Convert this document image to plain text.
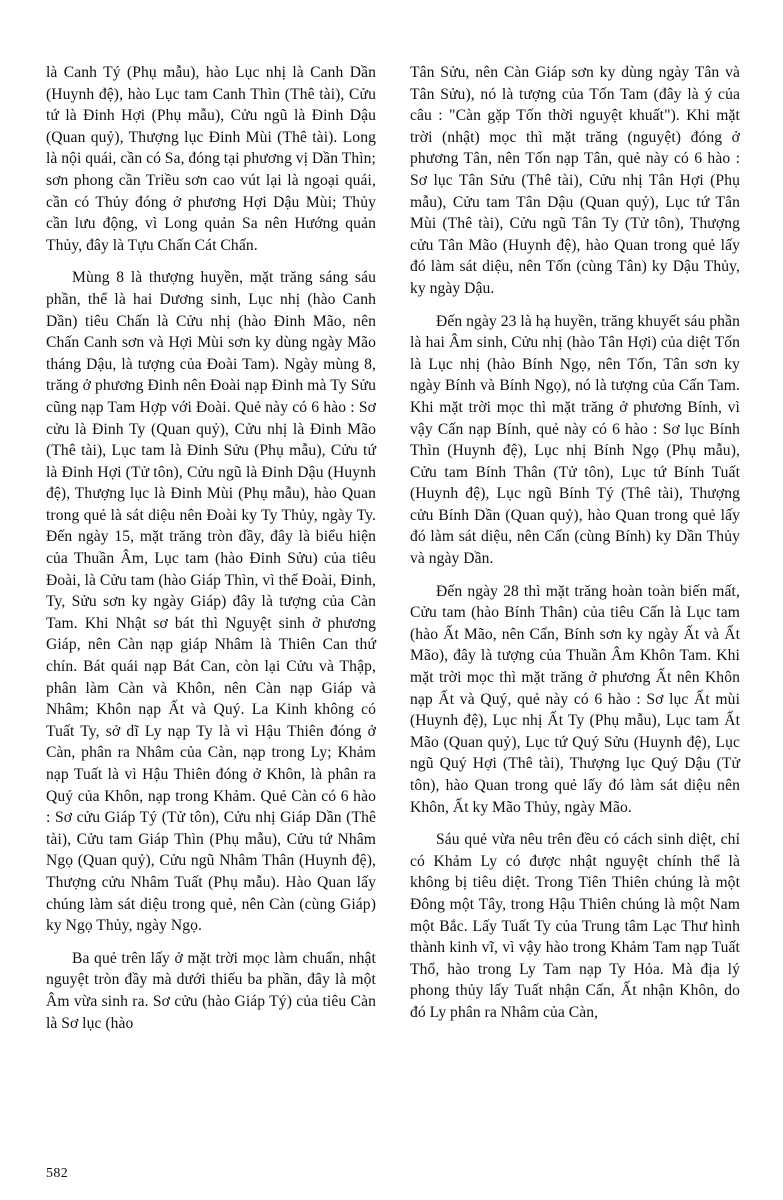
là Canh Tý (Phụ mẫu), hào Lục nhị là Canh Dần (Huynh đệ), hào Lục tam Canh Thìn (Thê tài), Cửu tứ là Đinh Hợi (Phụ mẫu), Cửu ngũ là Đinh Dậu (Quan quỷ), Thượng lục Đinh Mùi (Thê tài). Long là nội quái, cần có Sa, đóng tại phương vị Dần Thìn; sơn phong cần Triều sơn cao vút lại là ngoại quái, cần có Thủy đóng ở phương Hợi Dậu Mùi; Thủy cần lưu động, vì Long quản Sa nên Hướng quản Thủy, đây là Tựu Chấn Cát Chấn.

Mùng 8 là thượng huyền, mặt trăng sáng sáu phần, thể là hai Dương sinh, Lục nhị (hào Canh Dần) tiêu Chấn là Cửu nhị (hào Đinh Mão, nên Chấn Canh sơn và Hợi Mùi sơn ky dùng ngày Mão tháng Dậu, là tượng của Đoài Tam). Ngày mùng 8, trăng ở phương Đinh nên Đoài nạp Đinh mà Ty Sửu cũng nạp Tam Hợp với Đoài. Quẻ này có 6 hào : Sơ cửu là Đinh Ty (Quan quỷ), Cửu nhị là Đinh Mão (Thê tài), Lục tam là Đinh Sửu (Phụ mẫu), Cửu tứ là Đinh Hợi (Tử tôn), Cửu ngũ là Đinh Dậu (Huynh đệ), Thượng lục là Đinh Mùi (Phụ mẫu), hào Quan trong quẻ là sát diệu nên Đoài ky Ty Thủy, ngày Ty. Đến ngày 15, mặt trăng tròn đầy, đây là biểu hiện của Thuần Âm, Lục tam (hào Đinh Sửu) của tiêu Đoài, là Cửu tam (hào Giáp Thìn, vì thế Đoài, Đinh, Ty, Sửu sơn ky ngày Giáp) đây là tượng của Càn Tam. Khi Nhật sơ bát thì Nguyệt sinh ở phương Giáp, nên Càn nạp giáp Nhâm là Thiên Can thứ chín. Bát quái nạp Bát Can, còn lại Cửu và Thập, phân làm Càn và Khôn, nên Càn nạp Giáp và Nhâm; Khôn nạp Ất và Quý. La Kinh không có Tuất Ty, sở dĩ Ly nạp Ty là vì Hậu Thiên đóng ở Càn, phân ra Nhâm của Càn, nạp trong Ly; Khảm nạp Tuất là vì Hậu Thiên đóng ở Khôn, là phân ra Quý của Khôn, nạp trong Khảm. Quẻ Càn có 6 hào : Sơ cửu Giáp Tý (Tử tôn), Cửu nhị Giáp Dần (Thê tài), Cửu tam Giáp Thìn (Phụ mẫu), Cửu tứ Nhâm Ngọ (Quan quỷ), Cửu ngũ Nhâm Thân (Huynh đệ), Thượng cửu Nhâm Tuất (Phụ mẫu). Hào Quan lấy chúng làm sát diệu trong quẻ, nên Càn (cùng Giáp) ky Ngọ Thủy, ngày Ngọ.

Ba quẻ trên lấy ở mặt trời mọc làm chuẩn, nhật nguyệt tròn đầy mà dưới thiếu ba phần, đây là một Âm vừa sinh ra. Sơ cửu (hào Giáp Tý) của tiêu Càn là Sơ lục (hào

Tân Sửu, nên Càn Giáp sơn ky dùng ngày Tân và Tân Sửu), nó là tượng của Tốn Tam (đây là ý của câu : "Càn gặp Tốn thời nguyệt khuất"). Khi mặt trời (nhật) mọc thì mặt trăng (nguyệt) đóng ở phương Tân, nên Tốn nạp Tân, quẻ này có 6 hào : Sơ lục Tân Sửu (Thê tài), Cửu nhị Tân Hợi (Phụ mẫu), Cửu tam Tân Dậu (Quan quỷ), Lục tứ Tân Mùi (Thê tài), Cửu ngũ Tân Ty (Tử tôn), Thượng cửu Tân Mão (Huynh đệ), hào Quan trong quẻ lấy đó làm sát diệu, nên Tốn (cùng Tân) ky Dậu Thủy, ky ngày Dậu.

Đến ngày 23 là hạ huyền, trăng khuyết sáu phần là hai Âm sinh, Cửu nhị (hào Tân Hợi) của diệt Tốn là Lục nhị (hào Bính Ngọ, nên Tốn, Tân sơn ky ngày Bính và Bính Ngọ), nó là tượng của Cấn Tam. Khi mặt trời mọc thì mặt trăng ở phương Bính, vì vậy Cấn nạp Bính, quẻ này có 6 hào : Sơ lục Bính Thìn (Huynh đệ), Lục nhị Bính Ngọ (Phụ mẫu), Cửu tam Bính Thân (Tử tôn), Lục tứ Bính Tuất (Huynh đệ), Lục ngũ Bính Tý (Thê tài), Thượng cửu Bính Dần (Quan quỷ), hào Quan trong quẻ lấy đó làm sát diệu, nên Cấn (cùng Bính) ky Dần Thủy và ngày Dần.

Đến ngày 28 thì mặt trăng hoàn toàn biến mất, Cửu tam (hào Bính Thân) của tiêu Cấn là Lục tam (hào Ất Mão, nên Cấn, Bính sơn ky ngày Ất và Ất Mão), đây là tượng của Thuần Âm Khôn Tam. Khi mặt trời mọc thì mặt trăng ở phương Ất nên Khôn nạp Ất và Quý, quẻ này có 6 hào : Sơ lục Ất mùi (Huynh đệ), Lục nhị Ất Ty (Phụ mẫu), Lục tam Ất Mão (Quan quỷ), Lục tứ Quý Sửu (Huynh đệ), Lục ngũ Quý Hợi (Thê tài), Thượng lục Quý Dậu (Tử tôn), hào Quan trong quẻ lấy đó làm sát diệu nên Khôn, Ất ky Mão Thủy, ngày Mão.

Sáu quẻ vừa nêu trên đều có cách sinh diệt, chỉ có Khảm Ly có được nhật nguyệt chính thể là không bị tiêu diệt. Trong Tiên Thiên chúng là một Đông một Tây, trong Hậu Thiên chúng là một Nam một Bắc. Lấy Tuất Ty của Trung tâm Lạc Thư hình thành kinh vĩ, vì vậy hào trong Khảm Tam nạp Tuất Thổ, hào trong Ly Tam nạp Ty Hỏa. Mà địa lý phong thủy lấy Tuất nhận Cấn, Ất nhận Khôn, do đó Ly phân ra Nhâm của Càn,

582
